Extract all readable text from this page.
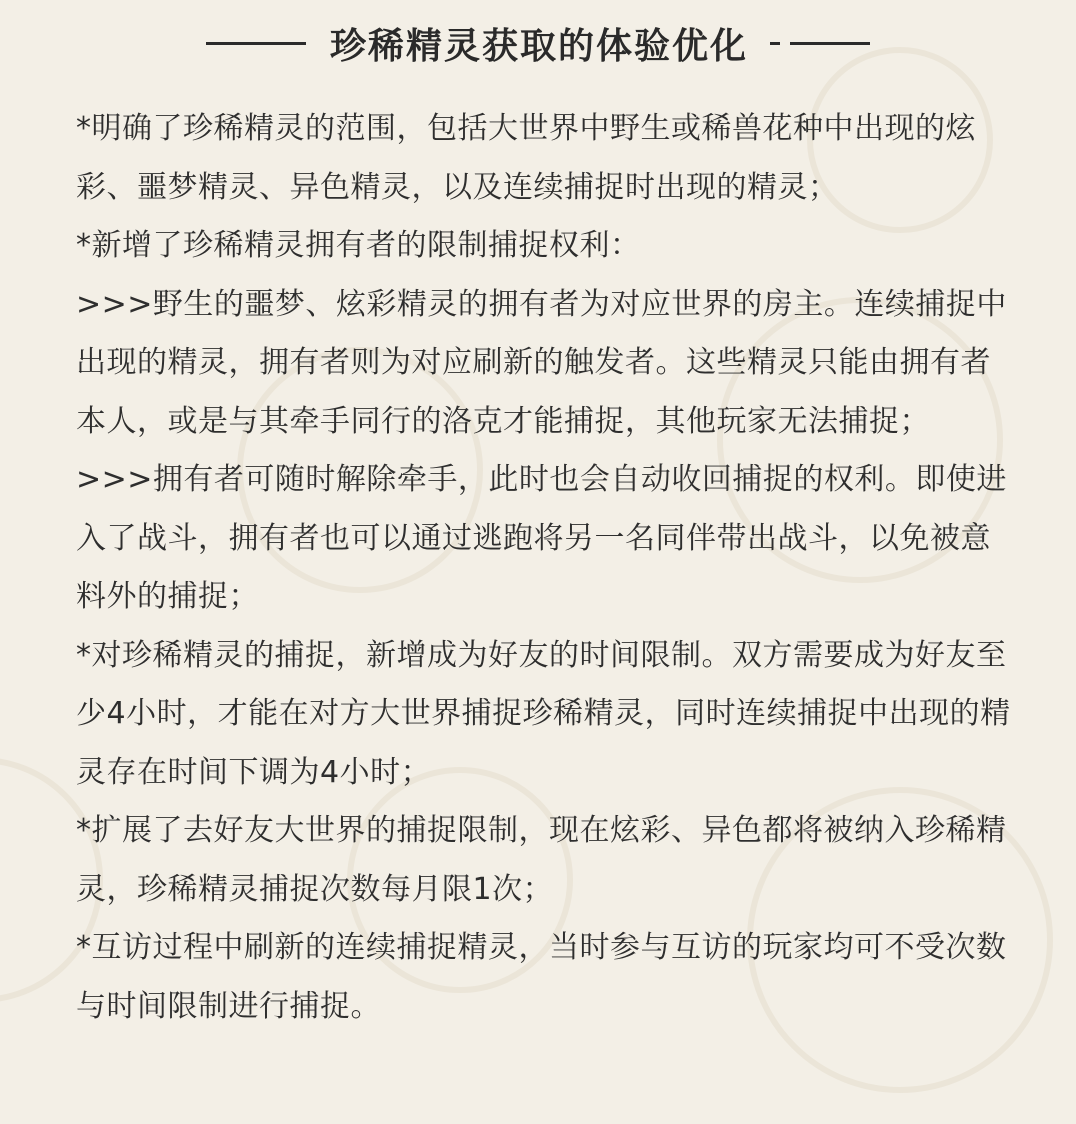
珍稀精灵获取的体验优化

*明确了珍稀精灵的范围，包括大世界中野生或稀兽花种中出现的炫彩、噩梦精灵、异色精灵，以及连续捕捉时出现的精灵；

*新增了珍稀精灵拥有者的限制捕捉权利：

>>>野生的噩梦、炫彩精灵的拥有者为对应世界的房主。连续捕捉中出现的精灵，拥有者则为对应刷新的触发者。这些精灵只能由拥有者本人，或是与其牵手同行的洛克才能捕捉，其他玩家无法捕捉；

>>>拥有者可随时解除牵手，此时也会自动收回捕捉的权利。即使进入了战斗，拥有者也可以通过逃跑将另一名同伴带出战斗，以免被意料外的捕捉；

*对珍稀精灵的捕捉，新增成为好友的时间限制。双方需要成为好友至少4小时，才能在对方大世界捕捉珍稀精灵，同时连续捕捉中出现的精灵存在时间下调为4小时；

*扩展了去好友大世界的捕捉限制，现在炫彩、异色都将被纳入珍稀精灵，珍稀精灵捕捉次数每月限1次；

*互访过程中刷新的连续捕捉精灵，当时参与互访的玩家均可不受次数与时间限制进行捕捉。
